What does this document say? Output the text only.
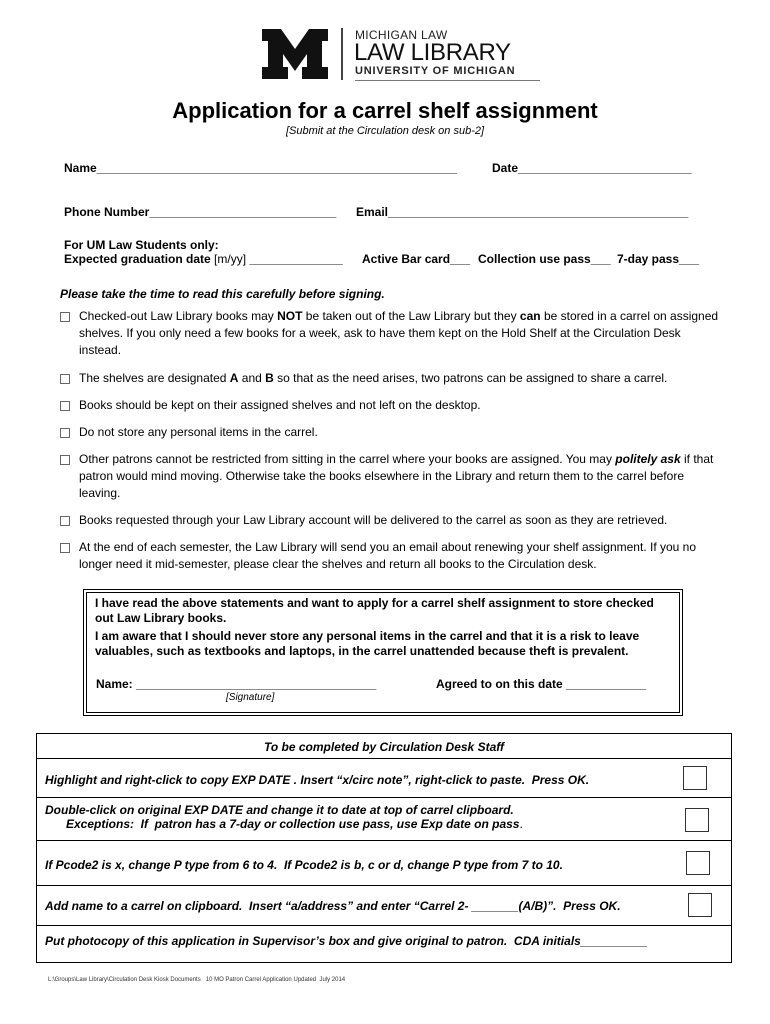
MICHIGAN LAW
LAW LIBRARY
UNIVERSITY OF MICHIGAN
Application for a carrel shelf assignment
[Submit at the Circulation desk on sub-2]
Name______________________________________________________	Date__________________________
Phone Number____________________________ Email_____________________________________________
For UM Law Students only:
Expected graduation date [m/yy] ______________ Active Bar card___ Collection use pass___ 7-day pass___
Please take the time to read this carefully before signing.
Checked-out Law Library books may NOT be taken out of the Law Library but they can be stored in a carrel on assigned shelves. If you only need a few books for a week, ask to have them kept on the Hold Shelf at the Circulation Desk instead.
The shelves are designated A and B so that as the need arises, two patrons can be assigned to share a carrel.
Books should be kept on their assigned shelves and not left on the desktop.
Do not store any personal items in the carrel.
Other patrons cannot be restricted from sitting in the carrel where your books are assigned. You may politely ask if that patron would mind moving. Otherwise take the books elsewhere in the Library and return them to the carrel before leaving.
Books requested through your Law Library account will be delivered to the carrel as soon as they are retrieved.
At the end of each semester, the Law Library will send you an email about renewing your shelf assignment. If you no longer need it mid-semester, please clear the shelves and return all books to the Circulation desk.
I have read the above statements and want to apply for a carrel shelf assignment to store checked out Law Library books.
I am aware that I should never store any personal items in the carrel and that it is a risk to leave valuables, such as textbooks and laptops, in the carrel unattended because theft is prevalent.
Name: ____________________________________	Agreed to on this date ____________
[Signature]
To be completed by Circulation Desk Staff
Highlight and right-click to copy EXP DATE . Insert “x/circ note”, right-click to paste.  Press OK.
Double-click on original EXP DATE and change it to date at top of carrel clipboard.
Exceptions:  If  patron has a 7-day or collection use pass, use Exp date on pass.
If Pcode2 is x, change P type from 6 to 4.  If Pcode2 is b, c or d, change P type from 7 to 10.
Add name to a carrel on clipboard.  Insert “a/address” and enter “Carrel 2- _______(A/B)”.  Press OK.
Put photocopy of this application in Supervisor’s box and give original to patron.  CDA initials__________
L:\Groups\Law Library\Circulation Desk Kiosk Documents   10 MO Patron Carrel Application Updated  July 2014
